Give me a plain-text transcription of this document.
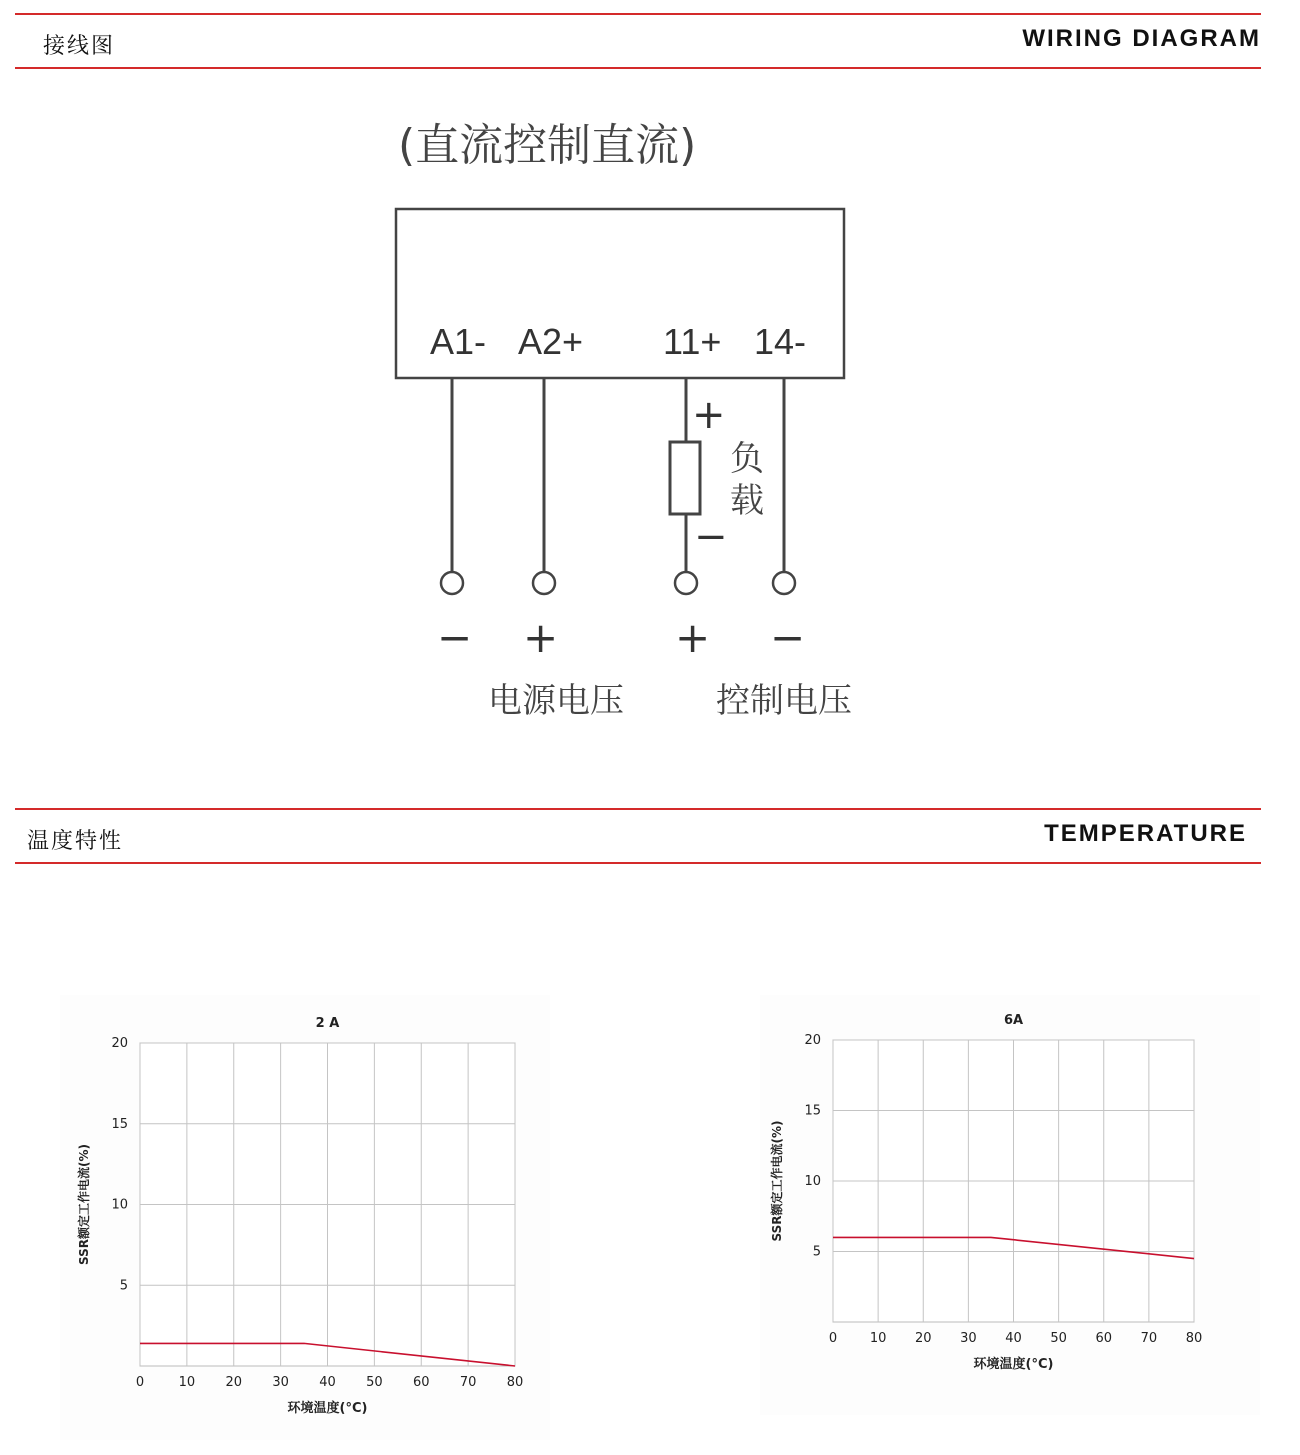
接线图	WIRING DIAGRAM
(直流控制直流)
A1- A2+ 11+ 14-
+
−
负
载
− +	+ −
电源电压	控制电压
温度特性	TEMPERATURE
0	10 20 30 40 50 60 70 80
5
10
15
20
2 A
环境温度(°C)
SSR额定工作电流(%)
0	10 20 30 40 50 60 70 80
5
10
15
20
6A
环境温度(°C)
SSR额定工作电流(%)
